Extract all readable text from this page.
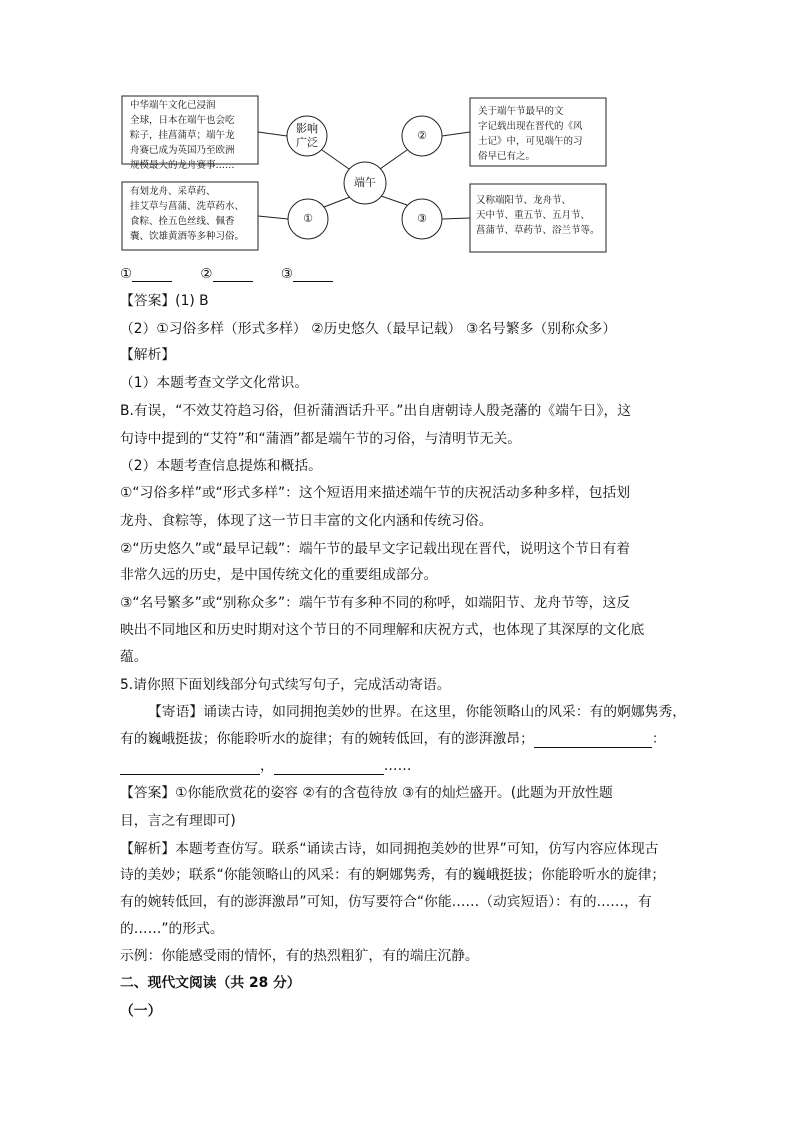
中华端午文化已浸润
全球，日本在端午也会吃
粽子，挂菖蒲草；端午龙
舟赛已成为英国乃至欧洲
规模最大的龙舟赛事……
有划龙舟、采草药、
挂艾草与菖蒲、洗草药水、
食粽、拴五色丝线、佩香
囊、饮雄黄酒等多种习俗。
关于端午节最早的文
字记载出现在晋代的《风
土记》中，可见端午的习
俗早已有之。
又称端阳节、龙舟节、
天中节、重五节、五月节、
菖蒲节、草药节、浴兰节等。
影响
广泛
端午
①
②
③
①	②	③
【答案】(1) B
（2）①习俗多样（形式多样） ②历史悠久（最早记载） ③名号繁多（别称众多）
【解析】
（1）本题考查文学文化常识。
B.有误，“不效艾符趋习俗，但祈蒲酒话升平。”出自唐朝诗人殷尧藩的《端午日》，这
句诗中提到的“艾符”和“蒲酒”都是端午节的习俗，与清明节无关。
（2）本题考查信息提炼和概括。
①“习俗多样”或“形式多样”：这个短语用来描述端午节的庆祝活动多种多样，包括划
龙舟、食粽等，体现了这一节日丰富的文化内涵和传统习俗。
②“历史悠久”或“最早记载”：端午节的最早文字记载出现在晋代，说明这个节日有着
非常久远的历史，是中国传统文化的重要组成部分。
③“名号繁多”或“别称众多”：端午节有多种不同的称呼，如端阳节、龙舟节等，这反
映出不同地区和历史时期对这个节日的不同理解和庆祝方式，也体现了其深厚的文化底
蕴。
5.请你照下面划线部分句式续写句子，完成活动寄语。
【寄语】诵读古诗，如同拥抱美妙的世界。在这里，你能领略山的风采：有的婀娜隽秀，
有的巍峨挺拔；你能聆听水的旋律；有的婉转低回，有的澎湃激昂；	：
，	……
【答案】①你能欣赏花的姿容 ②有的含苞待放 ③有的灿烂盛开。(此题为开放性题
目，言之有理即可)
【解析】本题考查仿写。联系“诵读古诗，如同拥抱美妙的世界”可知，仿写内容应体现古
诗的美妙；联系“你能领略山的风采：有的婀娜隽秀，有的巍峨挺拔；你能聆听水的旋律；
有的婉转低回，有的澎湃激昂”可知，仿写要符合“你能……（动宾短语）：有的……，有
的……”的形式。
示例：你能感受雨的情怀，有的热烈粗犷，有的端庄沉静。
二、现代文阅读（共 28 分）
（一）
